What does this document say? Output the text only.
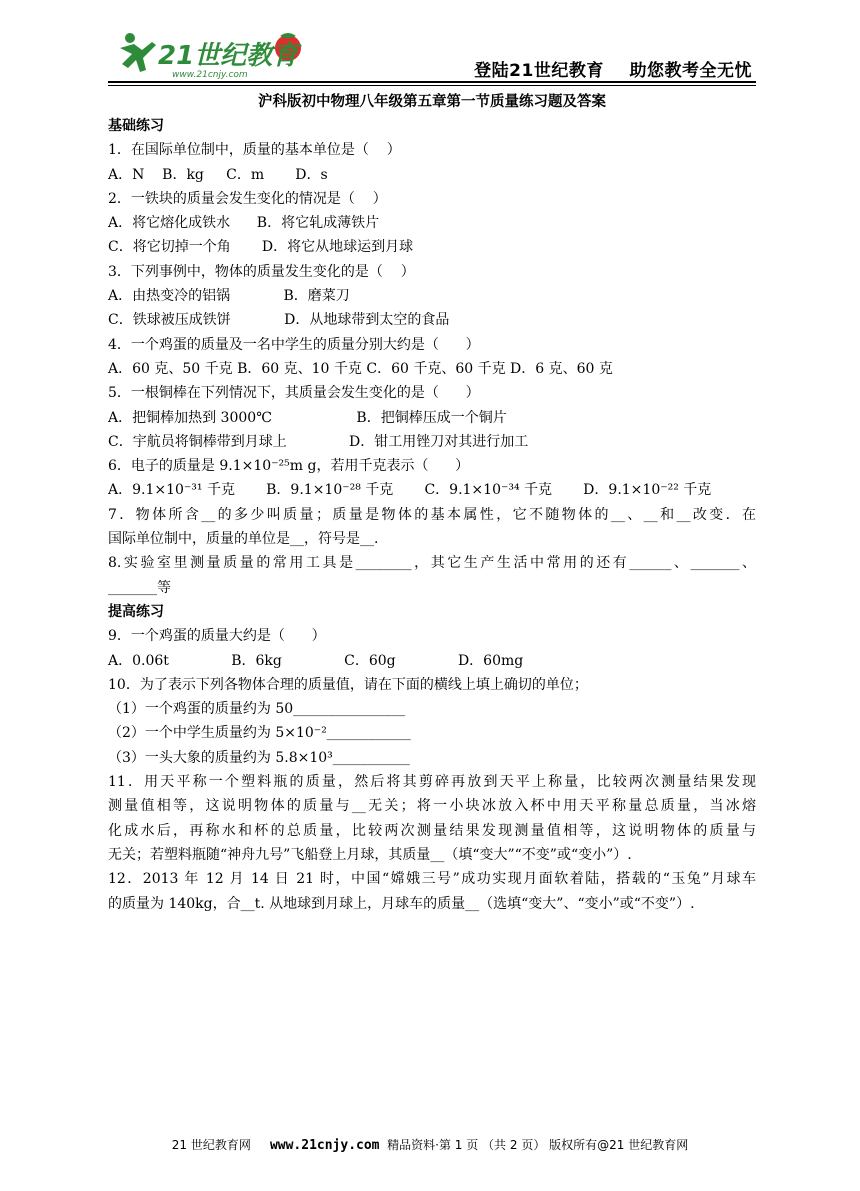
21世纪教育
www.21cnjy.com	登陆21世纪教育    助您教考全无忧
沪科版初中物理八年级第五章第一节质量练习题及答案
基础练习
1．在国际单位制中，质量的基本单位是（    ）
A．N    B．kg     C．m       D．s
2．一铁块的质量会发生变化的情况是（    ）
A．将它熔化成铁水      B．将它轧成薄铁片
C．将它切掉一个角       D．将它从地球运到月球
3．下列事例中，物体的质量发生变化的是（    ）
A．由热变冷的铝锅            B．磨菜刀
C．铁球被压成铁饼            D．从地球带到太空的食品
4．一个鸡蛋的质量及一名中学生的质量分别大约是（      ）
A．60 克、50 千克 B．60 克、10 千克 C．60 千克、60 千克 D．6 克、60 克
5．一根铜棒在下列情况下，其质量会发生变化的是（      ）
A．把铜棒加热到 3000℃                   B．把铜棒压成一个铜片
C．宇航员将铜棒带到月球上              D．钳工用锉刀对其进行加工
6．电子的质量是 9.1×10⁻²⁵m g，若用千克表示（      ）
A．9.1×10⁻³¹ 千克       B．9.1×10⁻²⁸ 千克       C．9.1×10⁻³⁴ 千克       D．9.1×10⁻²² 千克
7．物体所含__的多少叫质量；质量是物体的基本属性，它不随物体的__、__和__改变．在
国际单位制中，质量的单位是__，符号是__.
8.实验室里测量质量的常用工具是________，其它生产生活中常用的还有______、_______、
_______等
提高练习
9．一个鸡蛋的质量大约是（      ）
A．0.06t              B．6kg              C．60g              D．60mg
10．为了表示下列各物体合理的质量值，请在下面的横线上填上确切的单位；
（1）一个鸡蛋的质量约为 50________________
（2）一个中学生质量约为 5×10⁻²____________
（3）一头大象的质量约为 5.8×10³___________
11．用天平称一个塑料瓶的质量，然后将其剪碎再放到天平上称量，比较两次测量结果发现
测量值相等，这说明物体的质量与__无关；将一小块冰放入杯中用天平称量总质量，当冰熔
化成水后，再称水和杯的总质量，比较两次测量结果发现测量值相等，这说明物体的质量与
无关；若塑料瓶随“神舟九号”飞船登上月球，其质量__（填“变大”“不变”或“变小”）.
12．2013 年 12 月 14 日 21 时，中国“嫦娥三号”成功实现月面软着陆，搭载的“玉兔”月球车
的质量为 140kg，合__t. 从地球到月球上，月球车的质量__（选填“变大”、“变小”或“不变”）.
21 世纪教育网 www.21cnjy.com 精品资料·第 1 页 （共 2 页） 版权所有@21 世纪教育网
